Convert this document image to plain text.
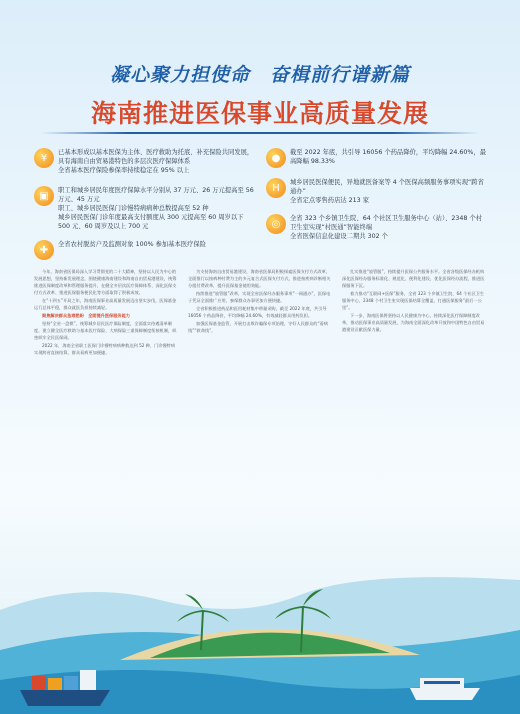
凝心聚力担使命　奋楫前行谱新篇
海南推进医保事业高质量发展
¥	已基本形成以基本医保为主体、医疗救助为托底、补充保险共同发展，具有海南自由贸易港特色的多层次医疗保障体系

全省基本医疗保险参保率持续稳定在 95% 以上

▣	职工和城乡居民年度医疗保障水平分别从 37 万元、26 万元提高至 56 万元、45 万元

职工、城乡居民医保门诊慢特病病种总数提高至 52 种

城乡居民医保门诊年度最高支付额度从 300 元提高至 60 周岁以下 500 元、60 周岁及以上 700 元

✚	全省农村脱贫户及监测对象 100% 参加基本医疗保险

●	截至 2022 年底，共引导 16056 个药品降价，平均降幅 24.60%，最高降幅 98.33%

H	城乡居民医保便民，异地就医备案等 4 个医保高频服务事项实现“跨省通办”

全省定点零售药店达 213 家

◎	全省 323 个乡镇卫生院、64 个社区卫生服务中心（站）、2348 个村卫生室实现“村医通”智能终端

全省医保信息化建设二期共 302 个

今年，海南省医保局深入学习贯彻党的二十大精神，坚持以人民为中心的发展思想，坚持新发展理念，围绕健康海南建设和海南自由贸易港建设，统筹推进医保制度改革和管理服务提升，在健全多层次医疗保障体系、深化医保支付方式改革、推进医保服务便民化等方面取得了积极成效。

在“十四五”开局之年，海南医保事业高质量发展迈出坚实步伐，医保基金运行总体平稳，群众就医负担持续减轻。

聚焦解决群众急难愁盼　全面提升医保服务能力

坚持“全省一盘棋”，统筹城乡居民医疗保险制度，全面落实待遇清单制度，建立健全医疗救助与基本医疗保险、大病保险三重保障制度衔接机制，织密织牢全民医保网。

2022 年，海南全省职工医保门诊慢特病病种数达到 52 种，门诊慢特病实现跨省直接结算，群众看病更加便捷。

为支持海南自由贸易港建设，海南省医保局积极探索医保支付方式改革，全面推行以按病种付费为主的多元复合式医保支付方式，推进按疾病诊断相关分组付费改革，提升医保基金使用效能。

持续推进“放管服”改革，实现全省医保经办服务事项“一网通办”，医保电子凭证全面推广应用，参保群众办事更加方便快捷。

全省积极推进药品和医用耗材集中带量采购，截至 2022 年底，共引导 16056 个药品降价，平均降幅 24.60%，有效减轻群众用药负担。

加强医保基金监管，开展打击欺诈骗保专项治理，守好人民群众的“看病钱”“救命钱”。

扎实推进“放管服”，持续提升医保公共服务水平。全省各级医保经办机构深化医保经办服务标准化、规范化、便利化建设，优化医保经办流程，推进医保服务下沉。

着力推动“互联网+医保”服务，全省 323 个乡镇卫生院、64 个社区卫生服务中心、2348 个村卫生室实现医保结算全覆盖，打通医保服务“最后一公里”。

下一步，海南医保将坚持以人民健康为中心，持续深化医疗保障制度改革，推动医保事业高质量发展，为海南全面深化改革开放和中国特色自由贸易港建设贡献医保力量。
